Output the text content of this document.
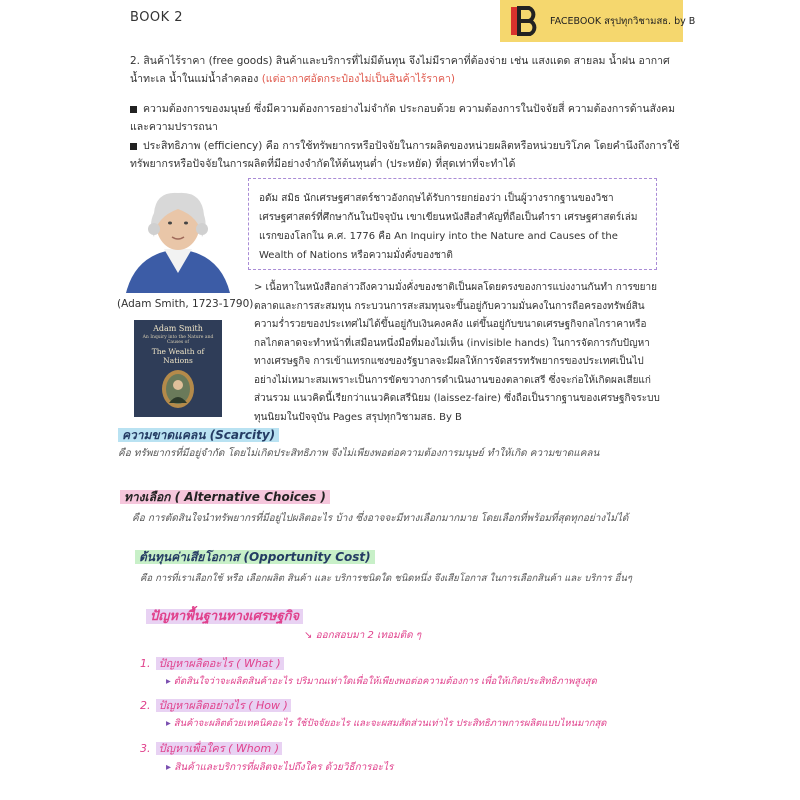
BOOK 2	FACEBOOK สรุปทุกวิชามสธ. by B
2. สินค้าไร้ราคา (free goods) สินค้าและบริการที่ไม่มีต้นทุน จึงไม่มีราคาที่ต้องจ่าย เช่น แสงแดด สายลม น้ำฝน อากาศ น้ำทะเล น้ำในแม่น้ำลำคลอง (แต่อากาศอัดกระป๋องไม่เป็นสินค้าไร้ราคา)
ความต้องการของมนุษย์ ซึ่งมีความต้องการอย่างไม่จำกัด ประกอบด้วย ความต้องการในปัจจัยสี่ ความต้องการด้านสังคม และความปรารถนา
ประสิทธิภาพ (efficiency) คือ การใช้ทรัพยากรหรือปัจจัยในการผลิตของหน่วยผลิตหรือหน่วยบริโภค โดยคำนึงถึงการใช้ทรัพยากรหรือปัจจัยในการผลิตที่มีอย่างจำกัดให้ต้นทุนต่ำ (ประหยัด) ที่สุดเท่าที่จะทำได้
(Adam Smith, 1723-1790)
Adam Smith
An Inquiry into the Nature and Causes of
The Wealth of Nations
อดัม สมิธ นักเศรษฐศาสตร์ชาวอังกฤษได้รับการยกย่องว่า เป็นผู้วางรากฐานของวิชาเศรษฐศาสตร์ที่ศึกษากันในปัจจุบัน เขาเขียนหนังสือสำคัญที่ถือเป็นตำรา เศรษฐศาสตร์เล่มแรกของโลกใน ค.ศ. 1776 คือ An Inquiry into the Nature and Causes of the Wealth of Nations หรือความมั่งคั่งของชาติ
> เนื้อหาในหนังสือกล่าวถึงความมั่งคั่งของชาติเป็นผลโดยตรงของการแบ่งงานกันทำ การขยายตลาดและการสะสมทุน กระบวนการสะสมทุนจะขึ้นอยู่กับความมั่นคงในการถือครองทรัพย์สิน ความร่ำรวยของประเทศไม่ได้ขึ้นอยู่กับเงินคงคลัง แต่ขึ้นอยู่กับขนาดเศรษฐกิจกลไกราคาหรือกลไกตลาดจะทำหน้าที่เสมือนหนึ่งมือที่มองไม่เห็น (invisible hands) ในการจัดการกับปัญหาทางเศรษฐกิจ การเข้าแทรกแซงของรัฐบาลจะมีผลให้การจัดสรรทรัพยากรของประเทศเป็นไปอย่างไม่เหมาะสมเพราะเป็นการขัดขวางการดำเนินงานของตลาดเสรี ซึ่งจะก่อให้เกิดผลเสียแก่ส่วนรวม แนวคิดนี้เรียกว่าแนวคิดเสรีนิยม (laissez-faire) ซึ่งถือเป็นรากฐานของเศรษฐกิจระบบทุนนิยมในปัจจุบัน Pages สรุปทุกวิชามสธ. By B
ความขาดแคลน (Scarcity)
คือ ทรัพยากรที่มีอยู่จำกัด โดยไม่เกิดประสิทธิภาพ จึงไม่เพียงพอต่อความต้องการมนุษย์ ทำให้เกิด ความขาดแคลน
ทางเลือก ( Alternative Choices )
คือ การตัดสินใจนำทรัพยากรที่มีอยู่ไปผลิตอะไร บ้าง ซึ่งอาจจะมีทางเลือกมากมาย โดยเลือกที่พร้อมที่สุดทุกอย่างไม่ได้
ต้นทุนค่าเสียโอกาส (Opportunity Cost)
คือ การที่เราเลือกใช้ หรือ เลือกผลิต สินค้า และ บริการชนิดใด ชนิดหนึ่ง จึงเสียโอกาส ในการเลือกสินค้า และ บริการ อื่นๆ
ปัญหาพื้นฐานทางเศรษฐกิจ
↘ ออกสอบมา 2 เทอมติด ๆ
1. ปัญหาผลิตอะไร ( What )
▸ ตัดสินใจว่าจะผลิตสินค้าอะไร ปริมาณเท่าใดเพื่อให้เพียงพอต่อความต้องการ เพื่อให้เกิดประสิทธิภาพสูงสุด
2. ปัญหาผลิตอย่างไร ( How )
▸ สินค้าจะผลิตด้วยเทคนิคอะไร ใช้ปัจจัยอะไร และจะผสมสัดส่วนเท่าไร ประสิทธิภาพการผลิตแบบไหนมากสุด
3. ปัญหาเพื่อใคร ( Whom )
▸ สินค้าและบริการที่ผลิตจะไปถึงใคร ด้วยวิธีการอะไร
